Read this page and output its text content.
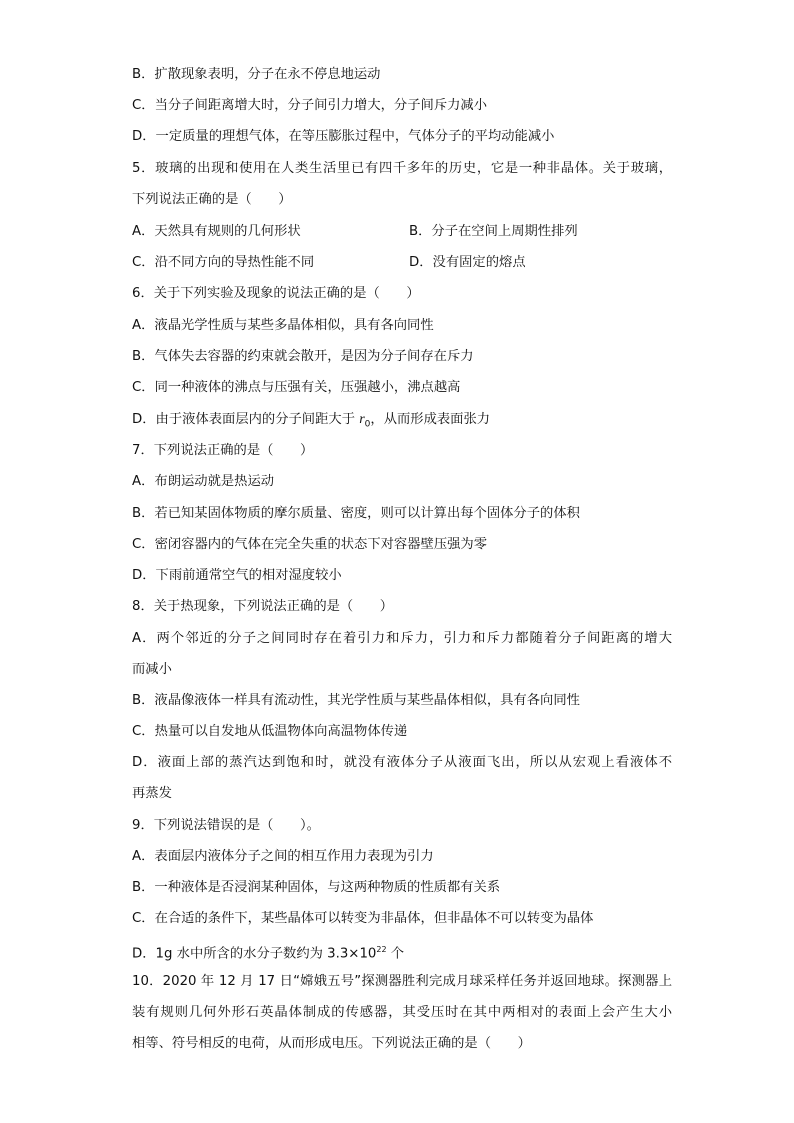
B．扩散现象表明，分子在永不停息地运动
C．当分子间距离增大时，分子间引力增大，分子间斥力减小
D．一定质量的理想气体，在等压膨胀过程中，气体分子的平均动能减小
5．玻璃的出现和使用在人类生活里已有四千多年的历史，它是一种非晶体。关于玻璃，
下列说法正确的是（　　）
A．天然具有规则的几何形状	B．分子在空间上周期性排列
C．沿不同方向的导热性能不同	D．没有固定的熔点
6．关于下列实验及现象的说法正确的是（　　）
A．液晶光学性质与某些多晶体相似，具有各向同性
B．气体失去容器的约束就会散开，是因为分子间存在斥力
C．同一种液体的沸点与压强有关，压强越小，沸点越高
D．由于液体表面层内的分子间距大于 $r_0$，从而形成表面张力
7．下列说法正确的是（　　）
A．布朗运动就是热运动
B．若已知某固体物质的摩尔质量、密度，则可以计算出每个固体分子的体积
C．密闭容器内的气体在完全失重的状态下对容器壁压强为零
D．下雨前通常空气的相对湿度较小
8．关于热现象，下列说法正确的是（　　）
A．两个邻近的分子之间同时存在着引力和斥力，引力和斥力都随着分子间距离的增大
而减小
B．液晶像液体一样具有流动性，其光学性质与某些晶体相似，具有各向同性
C．热量可以自发地从低温物体向高温物体传递
D．液面上部的蒸汽达到饱和时，就没有液体分子从液面飞出，所以从宏观上看液体不
再蒸发
9．下列说法错误的是（　　）。
A．表面层内液体分子之间的相互作用力表现为引力
B．一种液体是否浸润某种固体，与这两种物质的性质都有关系
C．在合适的条件下，某些晶体可以转变为非晶体，但非晶体不可以转变为晶体
D．1g 水中所含的水分子数约为 $3.3\times 10^{22}$ 个
10．2020 年 12 月 17 日“嫦娥五号”探测器胜利完成月球采样任务并返回地球。探测器上
装有规则几何外形石英晶体制成的传感器，其受压时在其中两相对的表面上会产生大小
相等、符号相反的电荷，从而形成电压。下列说法正确的是（　　）
